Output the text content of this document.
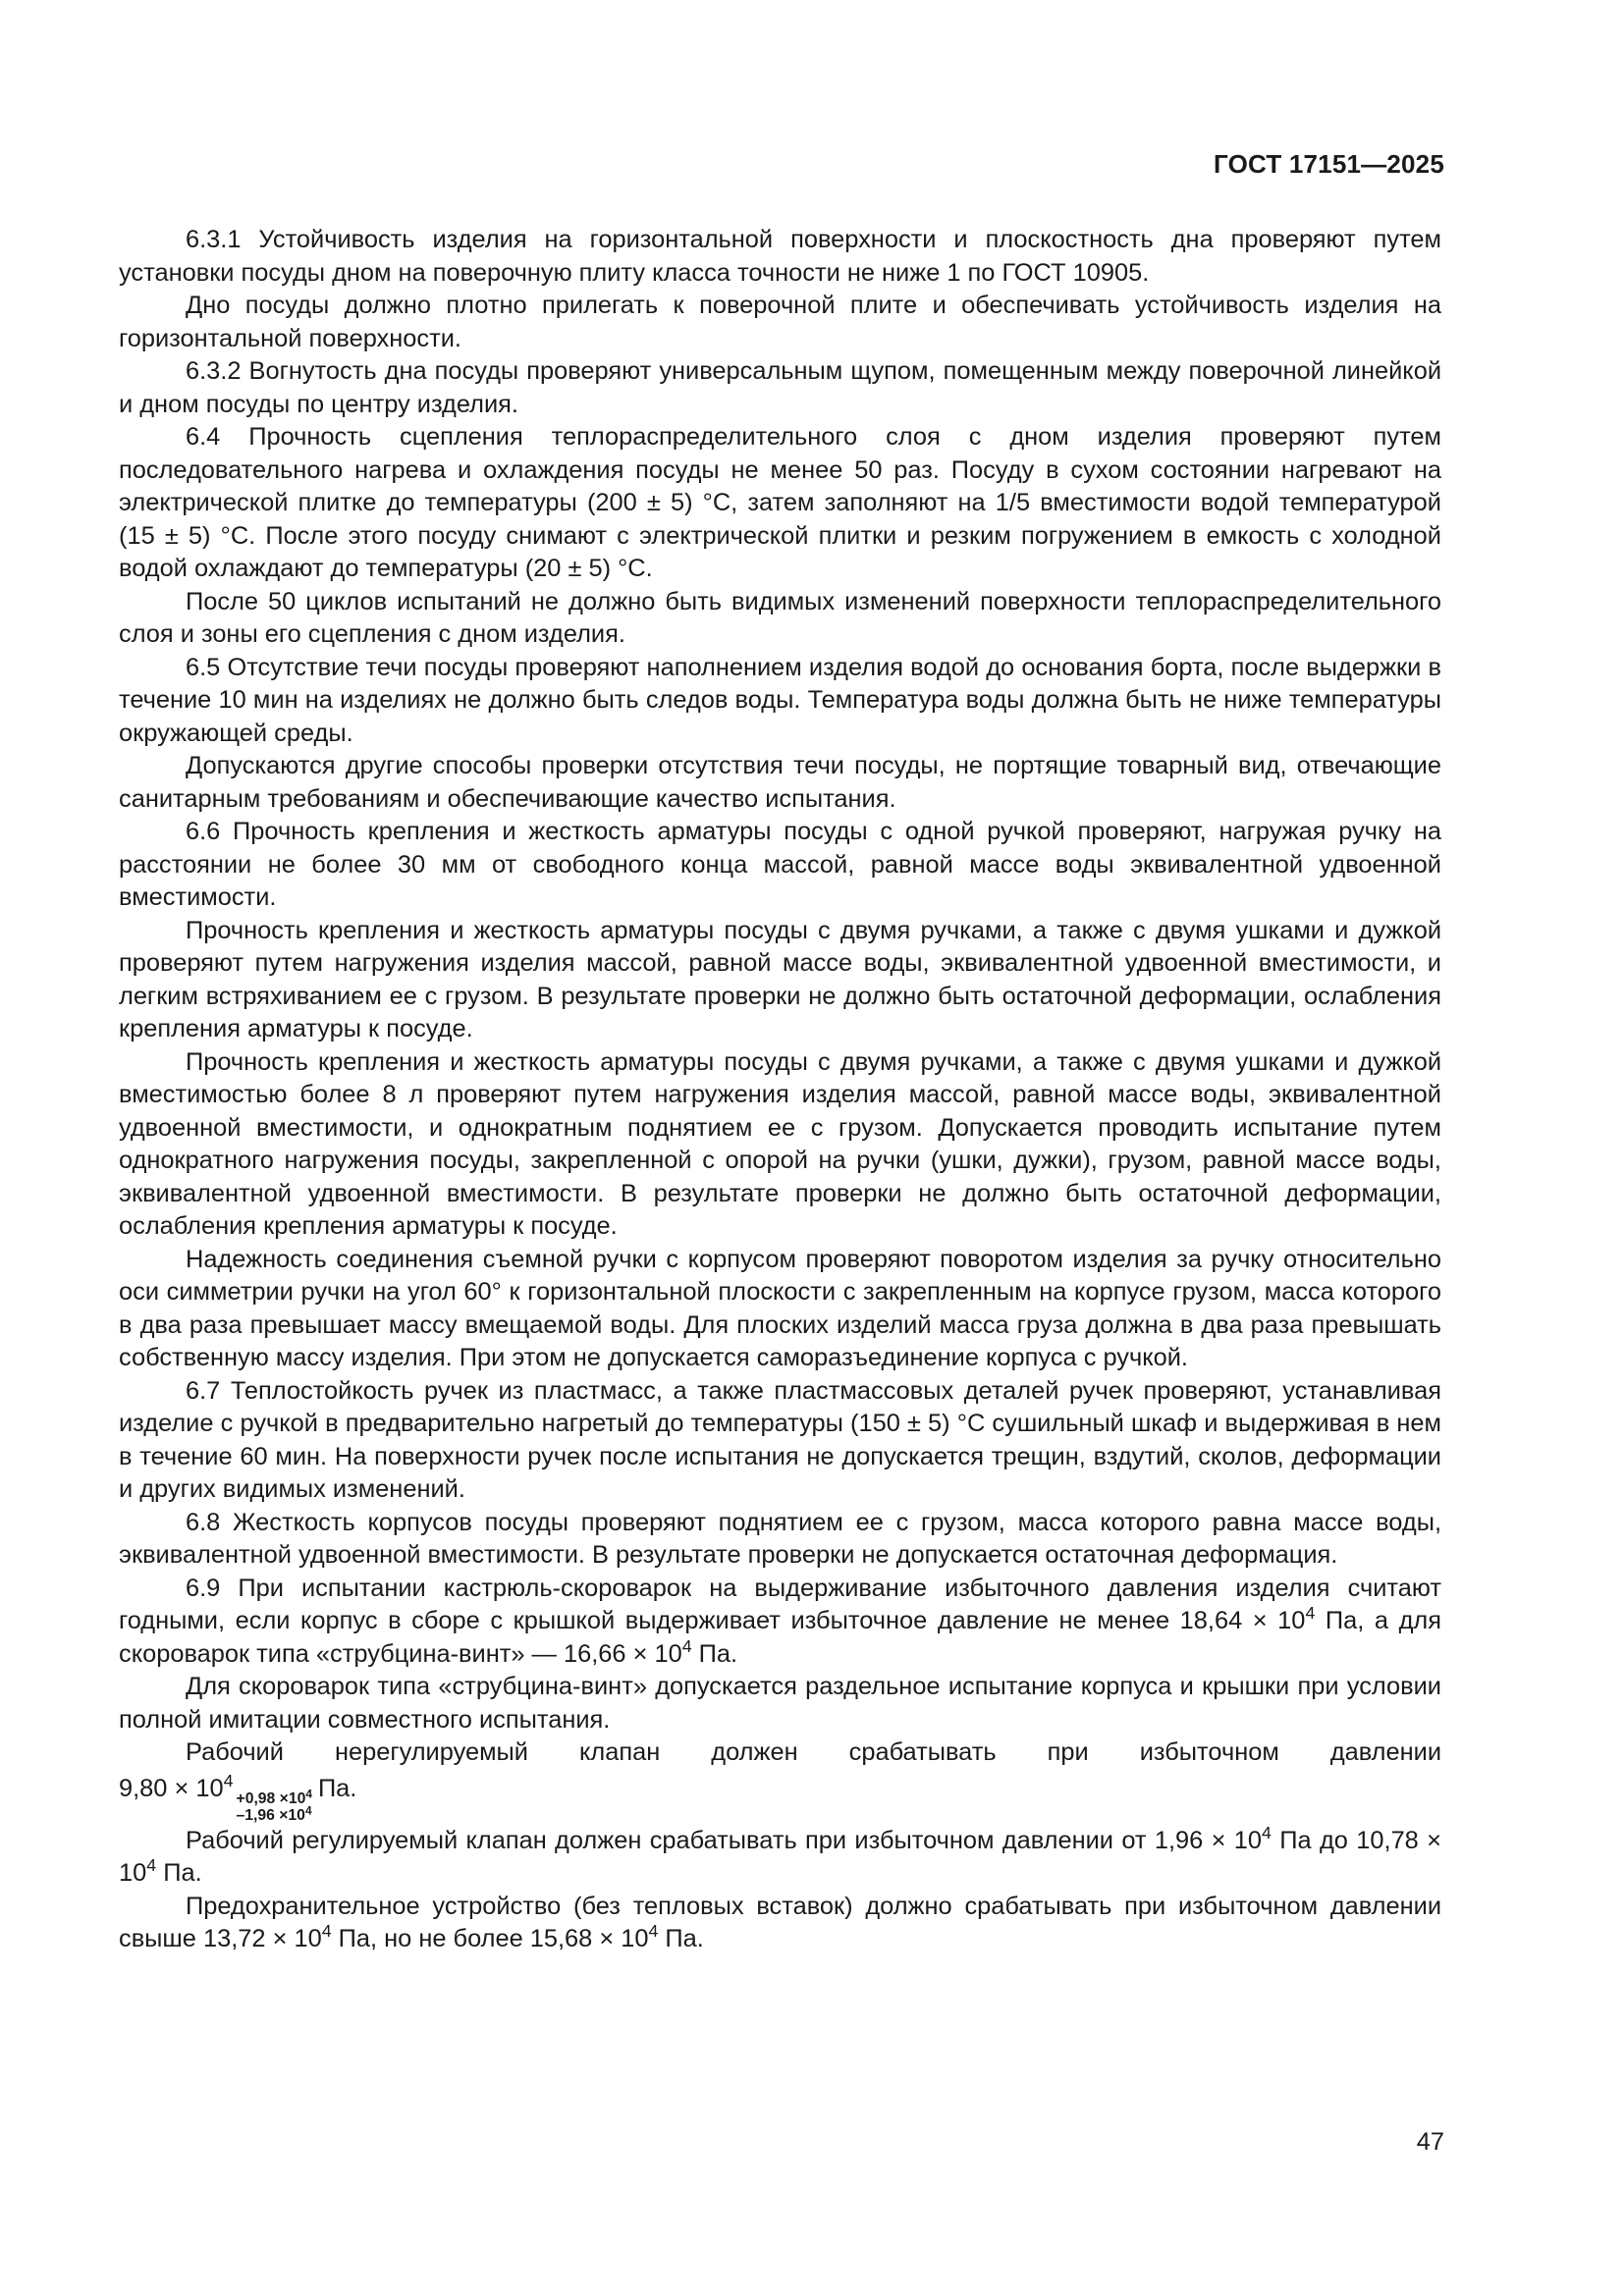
ГОСТ 17151—2025

6.3.1 Устойчивость изделия на горизонтальной поверхности и плоскостность дна проверяют путем установки посуды дном на поверочную плиту класса точности не ниже 1 по ГОСТ 10905.

Дно посуды должно плотно прилегать к поверочной плите и обеспечивать устойчивость изделия на горизонтальной поверхности.

6.3.2 Вогнутость дна посуды проверяют универсальным щупом, помещенным между поверочной линейкой и дном посуды по центру изделия.

6.4 Прочность сцепления теплораспределительного слоя с дном изделия проверяют путем последовательного нагрева и охлаждения посуды не менее 50 раз. Посуду в сухом состоянии нагревают на электрической плитке до температуры (200 ± 5) °C, затем заполняют на 1/5 вместимости водой температурой (15 ± 5) °C. После этого посуду снимают с электрической плитки и резким погружением в емкость с холодной водой охлаждают до температуры (20 ± 5) °C.

После 50 циклов испытаний не должно быть видимых изменений поверхности теплораспределительного слоя и зоны его сцепления с дном изделия.

6.5 Отсутствие течи посуды проверяют наполнением изделия водой до основания борта, после выдержки в течение 10 мин на изделиях не должно быть следов воды. Температура воды должна быть не ниже температуры окружающей среды.

Допускаются другие способы проверки отсутствия течи посуды, не портящие товарный вид, отвечающие санитарным требованиям и обеспечивающие качество испытания.

6.6 Прочность крепления и жесткость арматуры посуды с одной ручкой проверяют, нагружая ручку на расстоянии не более 30 мм от свободного конца массой, равной массе воды эквивалентной удвоенной вместимости.

Прочность крепления и жесткость арматуры посуды с двумя ручками, а также с двумя ушками и дужкой проверяют путем нагружения изделия массой, равной массе воды, эквивалентной удвоенной вместимости, и легким встряхиванием ее с грузом. В результате проверки не должно быть остаточной деформации, ослабления крепления арматуры к посуде.

Прочность крепления и жесткость арматуры посуды с двумя ручками, а также с двумя ушками и дужкой вместимостью более 8 л проверяют путем нагружения изделия массой, равной массе воды, эквивалентной удвоенной вместимости, и однократным поднятием ее с грузом. Допускается проводить испытание путем однократного нагружения посуды, закрепленной с опорой на ручки (ушки, дужки), грузом, равной массе воды, эквивалентной удвоенной вместимости. В результате проверки не должно быть остаточной деформации, ослабления крепления арматуры к посуде.

Надежность соединения съемной ручки с корпусом проверяют поворотом изделия за ручку относительно оси симметрии ручки на угол 60° к горизонтальной плоскости с закрепленным на корпусе грузом, масса которого в два раза превышает массу вмещаемой воды. Для плоских изделий масса груза должна в два раза превышать собственную массу изделия. При этом не допускается саморазъединение корпуса с ручкой.

6.7 Теплостойкость ручек из пластмасс, а также пластмассовых деталей ручек проверяют, устанавливая изделие с ручкой в предварительно нагретый до температуры (150 ± 5) °C сушильный шкаф и выдерживая в нем в течение 60 мин. На поверхности ручек после испытания не допускается трещин, вздутий, сколов, деформации и других видимых изменений.

6.8 Жесткость корпусов посуды проверяют поднятием ее с грузом, масса которого равна массе воды, эквивалентной удвоенной вместимости. В результате проверки не допускается остаточная деформация.

6.9 При испытании кастрюль-скороварок на выдерживание избыточного давления изделия считают годными, если корпус в сборе с крышкой выдерживает избыточное давление не менее $18,64 \times 10^4$ Па, а для скороварок типа «струбцина-винт» — $16,66 \times 10^4$ Па.

Для скороварок типа «струбцина-винт» допускается раздельное испытание корпуса и крышки при условии полной имитации совместного испытания.

Рабочий нерегулируемый клапан должен срабатывать при избыточном давлении

$9,80 \times 10^4$
$+0,98 \times 10^4$
$-1,96 \times 10^4$
Па.

Рабочий регулируемый клапан должен срабатывать при избыточном давлении от $1,96 \times 10^4$ Па до $10,78 \times 10^4$ Па.

Предохранительное устройство (без тепловых вставок) должно срабатывать при избыточном давлении свыше $13,72 \times 10^4$ Па, но не более $15,68 \times 10^4$ Па.

47
